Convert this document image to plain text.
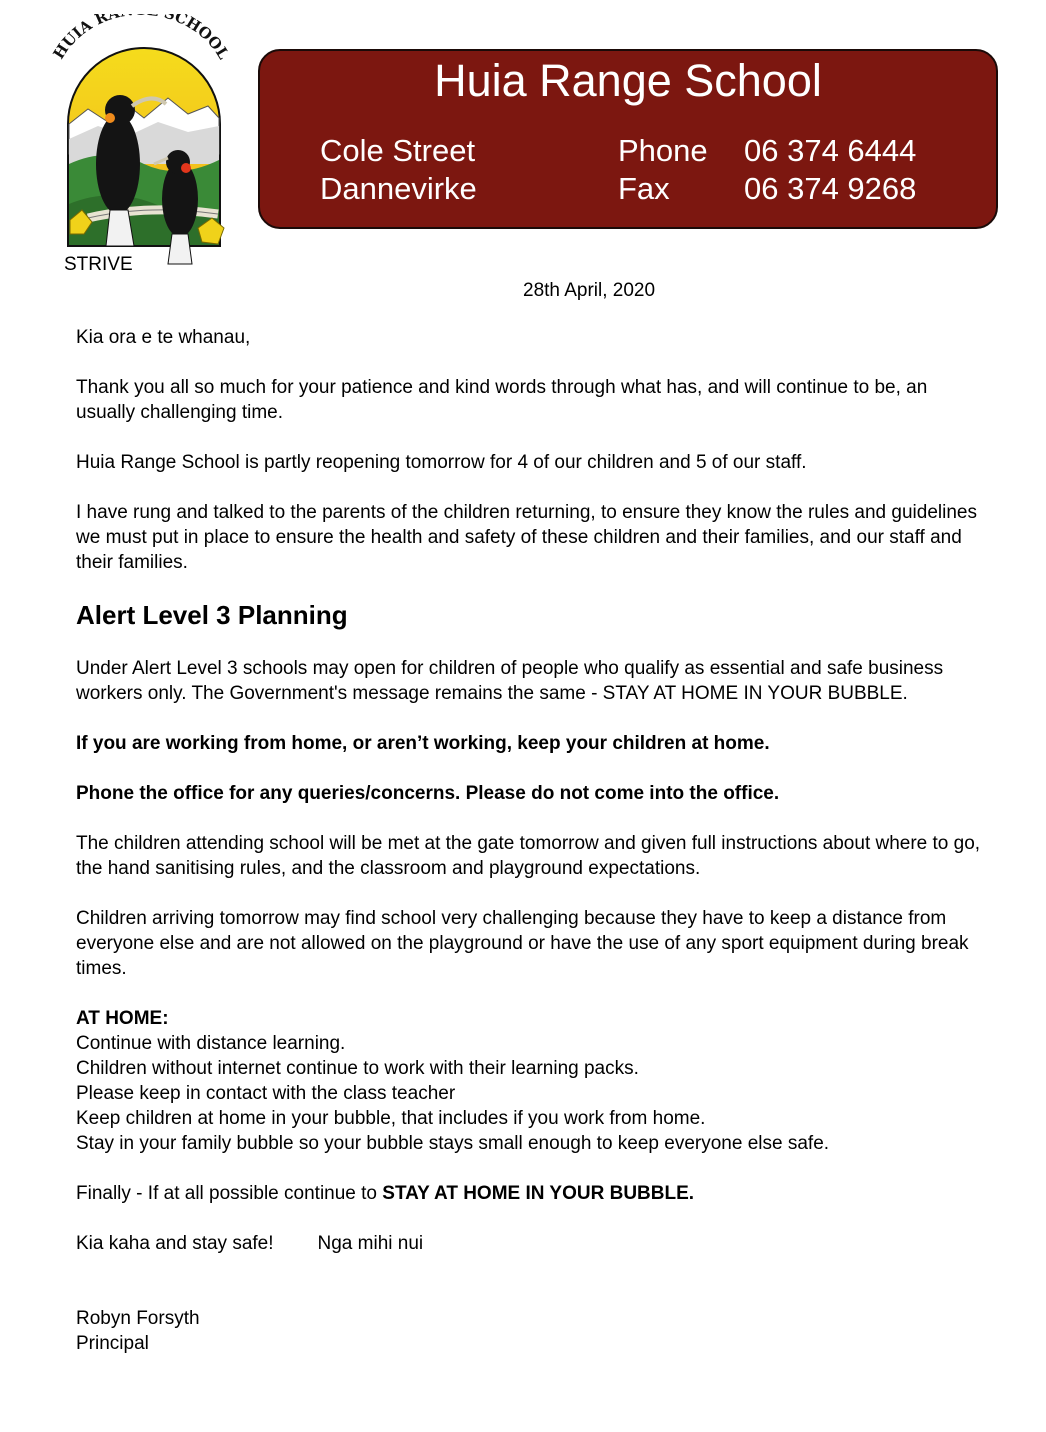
HUIA R CHOOL
STRIVE
Huia Range School
Cole Street
Dannevirke
Phone
Fax
06 374 6444
06 374 9268
28th April, 2020

Kia ora e te whanau,

Thank you all so much for your patience and kind words through what has, and will continue to be, an usually challenging time.

Huia Range School is partly reopening tomorrow for 4 of our children and 5 of our staff.

I have rung and talked to the parents of the children returning, to ensure they know the rules and guidelines we must put in place to ensure the health and safety of these children and their families, and our staff and their families.

Alert Level 3 Planning

Under Alert Level 3 schools may open for children of people who qualify as essential and safe business workers only. The Government's message remains the same - STAY AT HOME IN YOUR BUBBLE.

If you are working from home, or aren’t working, keep your children at home.

Phone the office for any queries/concerns. Please do not come into the office.

The children attending school will be met at the gate tomorrow and given full instructions about where to go, the hand sanitising rules, and the classroom and playground expectations.

Children arriving tomorrow may find school very challenging because they have to keep a distance from everyone else and are not allowed on the playground or have the use of any sport equipment during break times.

AT HOME:
Continue with distance learning.
Children without internet continue to work with their learning packs.
Please keep in contact with the class teacher
Keep children at home in your bubble, that includes if you work from home.
Stay in your family bubble so your bubble stays small enough to keep everyone else safe.

Finally - If at all possible continue to STAY AT HOME IN YOUR BUBBLE.

Kia kaha and stay safe! Nga mihi nui

Robyn Forsyth
Principal
